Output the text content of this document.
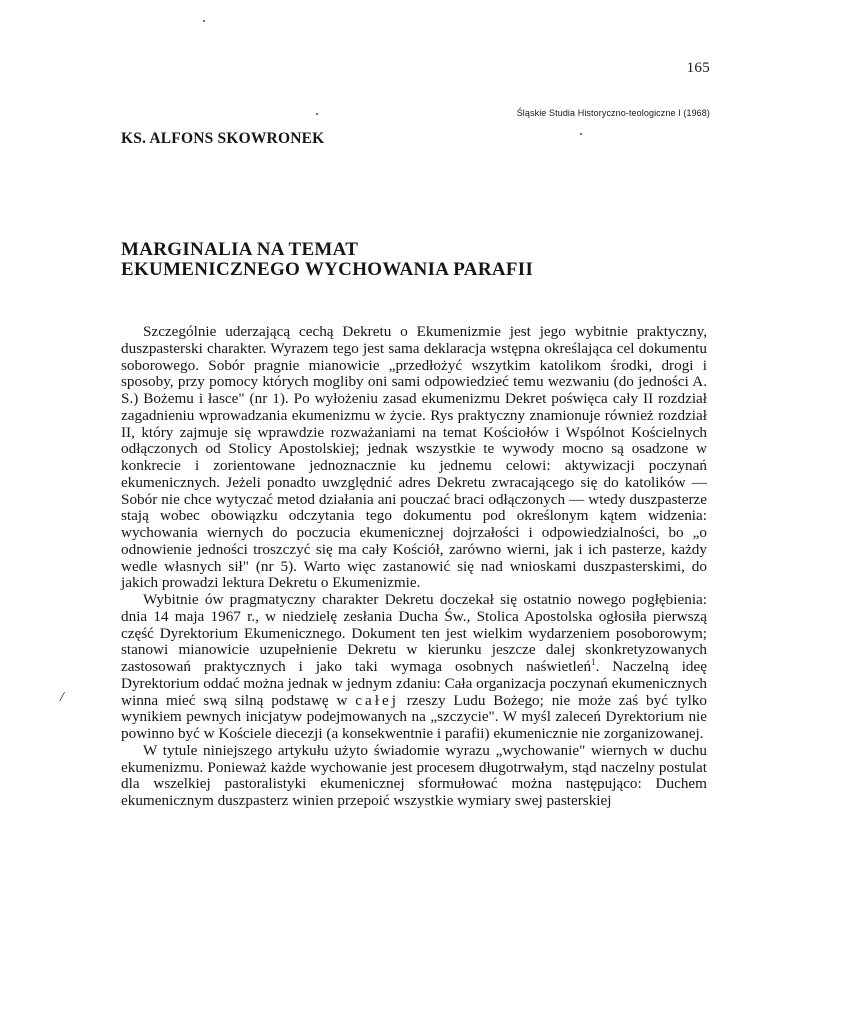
165
Śląskie Studia Historyczno-teologiczne I (1968)
KS. ALFONS SKOWRONEK
MARGINALIA NA TEMAT
EKUMENICZNEGO WYCHOWANIA PARAFII
/

Szczególnie uderzającą cechą Dekretu o Ekumenizmie jest jego wybitnie praktyczny, duszpasterski charakter. Wyrazem tego jest sama deklaracja wstępna określająca cel dokumentu soborowego. Sobór pragnie mianowicie „przedłożyć wszytkim katolikom środki, drogi i sposoby, przy pomocy których mogliby oni sami odpowiedzieć temu wezwaniu (do jedności A. S.) Bożemu i łasce" (nr 1). Po wyłożeniu zasad ekumenizmu Dekret poświęca cały II rozdział zagadnieniu wprowadzania ekumenizmu w życie. Rys praktyczny znamionuje również rozdział II, który zajmuje się wprawdzie rozważaniami na temat Kościołów i Wspólnot Kościelnych odłączonych od Stolicy Apostolskiej; jednak wszystkie te wywody mocno są osadzone w konkrecie i zorientowane jednoznacznie ku jednemu celowi: aktywizacji poczynań ekumenicznych. Jeżeli ponadto uwzględnić adres Dekretu zwracającego się do katolików — Sobór nie chce wytyczać metod działania ani pouczać braci odłączonych — wtedy duszpasterze stają wobec obowiązku odczytania tego dokumentu pod określonym kątem widzenia: wychowania wiernych do poczucia ekumenicznej dojrzałości i odpowiedzialności, bo „o odnowienie jedności troszczyć się ma cały Kościół, zarówno wierni, jak i ich pasterze, każdy wedle własnych sił" (nr 5). Warto więc zastanowić się nad wnioskami duszpasterskimi, do jakich prowadzi lektura Dekretu o Ekumenizmie.

Wybitnie ów pragmatyczny charakter Dekretu doczekał się ostatnio nowego pogłębienia: dnia 14 maja 1967 r., w niedzielę zesłania Ducha Św., Stolica Apostolska ogłosiła pierwszą część Dyrektorium Ekumenicznego. Dokument ten jest wielkim wydarzeniem posoborowym; stanowi mianowicie uzupełnienie Dekretu w kierunku jeszcze dalej skonkretyzowanych zastosowań praktycznych i jako taki wymaga osobnych naświetleń$^1$. Naczelną ideę Dyrektorium oddać można jednak w jednym zdaniu: Cała organizacja poczynań ekumenicznych winna mieć swą silną podstawę w całej rzeszy Ludu Bożego; nie może zaś być tylko wynikiem pewnych inicjatyw podejmowanych na „szczycie". W myśl zaleceń Dyrektorium nie powinno być w Kościele diecezji (a konsekwentnie i parafii) ekumenicznie nie zorganizowanej.

W tytule niniejszego artykułu użyto świadomie wyrazu „wychowanie" wiernych w duchu ekumenizmu. Ponieważ każde wychowanie jest procesem długotrwałym, stąd naczelny postulat dla wszelkiej pastoralistyki ekumenicznej sformułować można następująco: Duchem ekumenicznym duszpasterz winien przepoić wszystkie wymiary swej pasterskiej
